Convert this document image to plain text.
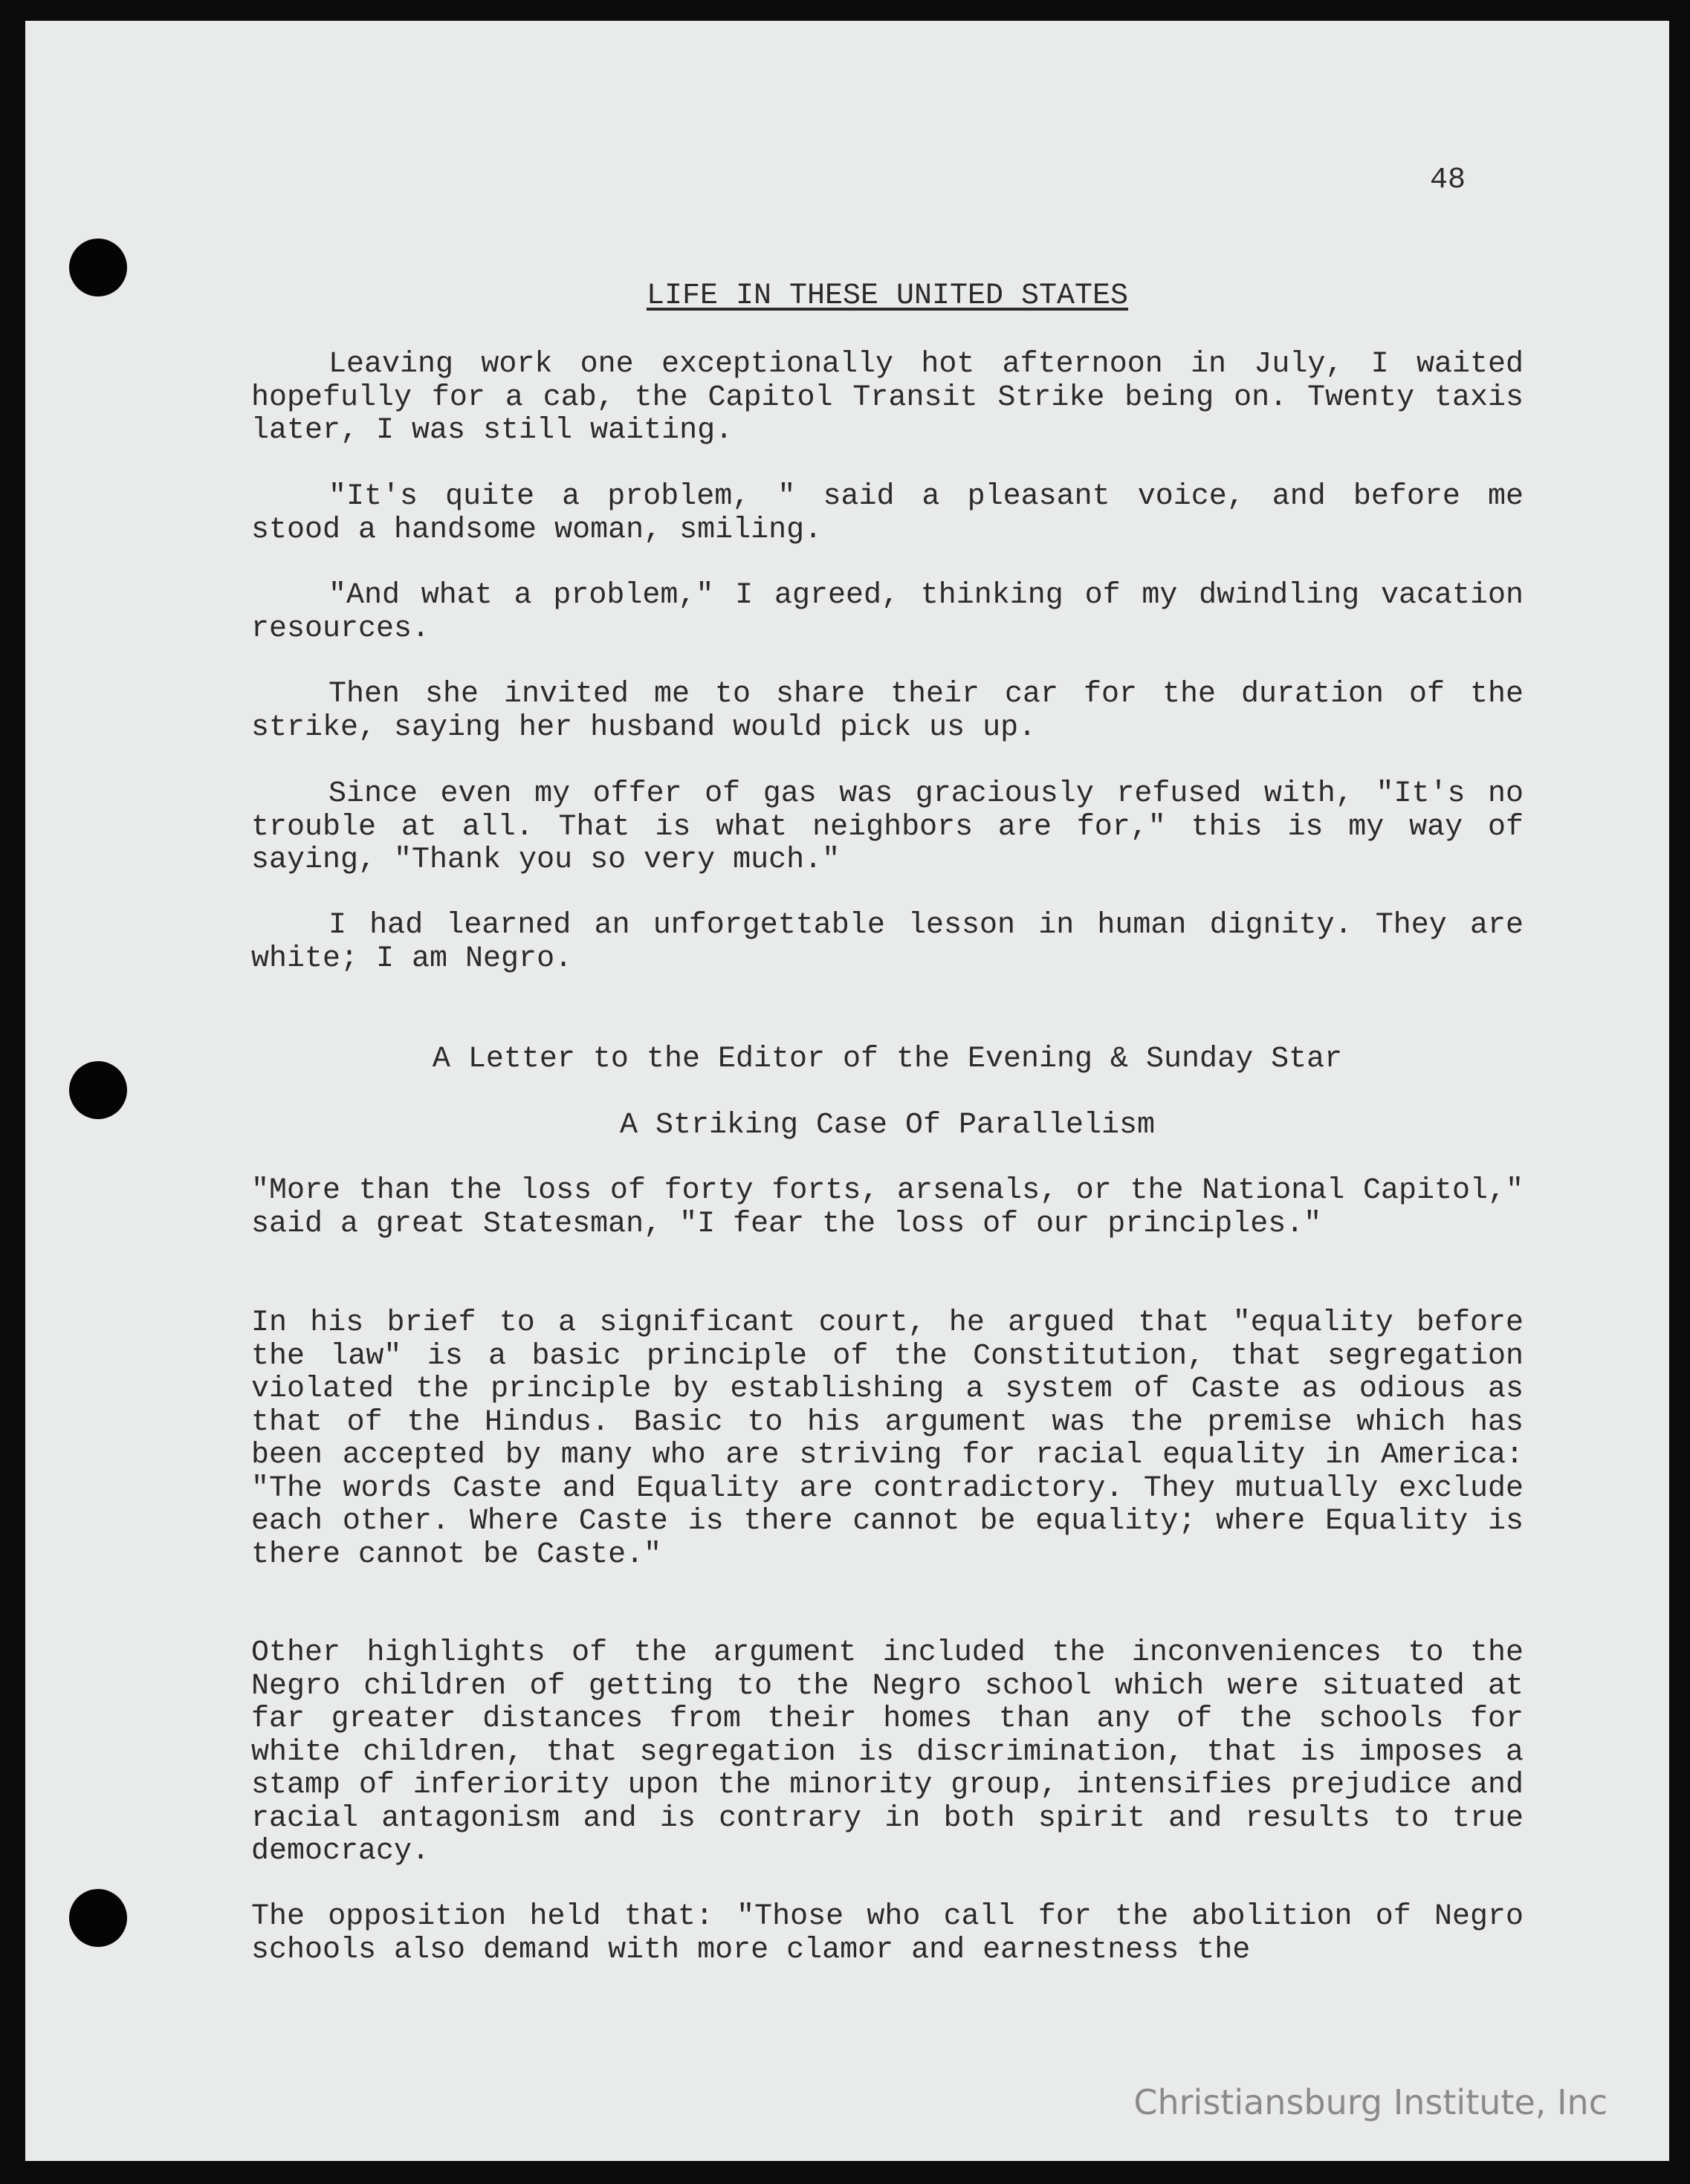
48
LIFE IN THESE UNITED STATES

Leaving work one exceptionally hot afternoon in July, I waited hopefully for a cab, the Capitol Transit Strike being on. Twenty taxis later, I was still waiting.

"It's quite a problem, " said a pleasant voice, and before me stood a handsome woman, smiling.

"And what a problem," I agreed, thinking of my dwindling vacation resources.

Then she invited me to share their car for the duration of the strike, saying her husband would pick us up.

Since even my offer of gas was graciously refused with, "It's no trouble at all. That is what neighbors are for," this is my way of saying, "Thank you so very much."

I had learned an unforgettable lesson in human dignity. They are white; I am Negro.

A Letter to the Editor of the Evening & Sunday Star
A Striking Case Of Parallelism

"More than the loss of forty forts, arsenals, or the National Capitol," said a great Statesman, "I fear the loss of our principles."

In his brief to a significant court, he argued that "equality before the law" is a basic principle of the Constitution, that segregation violated the principle by establishing a system of Caste as odious as that of the Hindus. Basic to his argument was the premise which has been accepted by many who are striving for racial equality in America: "The words Caste and Equality are contradictory. They mutually exclude each other. Where Caste is there cannot be equality; where Equality is there cannot be Caste."

Other highlights of the argument included the inconveniences to the Negro children of getting to the Negro school which were situated at far greater distances from their homes than any of the schools for white children, that segregation is discrimination, that is imposes a stamp of inferiority upon the minority group, intensifies prejudice and racial antagonism and is contrary in both spirit and results to true democracy.

The opposition held that: "Those who call for the abolition of Negro schools also demand with more clamor and earnestness the

Christiansburg Institute, Inc
